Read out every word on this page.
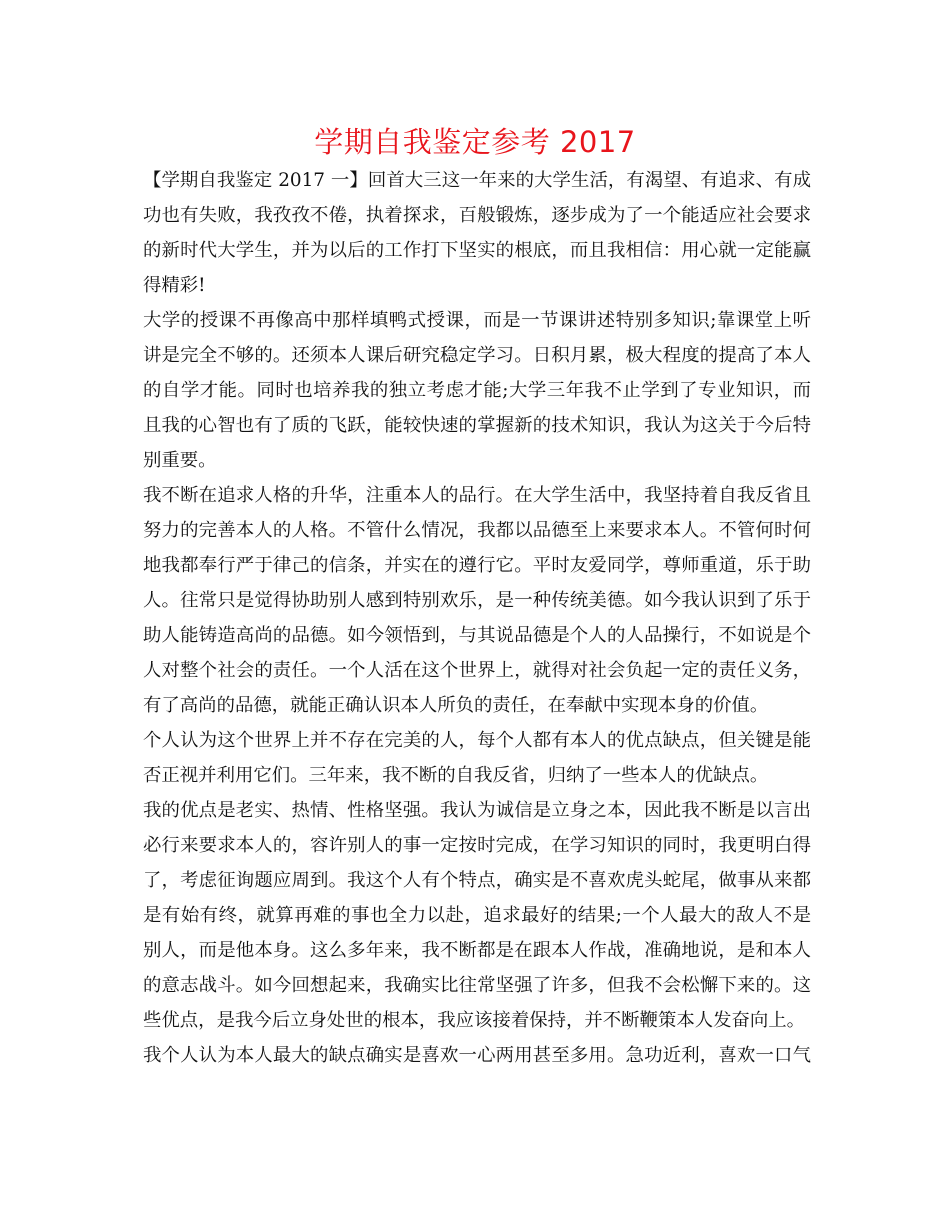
学期自我鉴定参考 2017
【学期自我鉴定 2017 一】回首大三这一年来的大学生活，有渴望、有追求、有成
功也有失败，我孜孜不倦，执着探求，百般锻炼，逐步成为了一个能适应社会要求
的新时代大学生，并为以后的工作打下坚实的根底，而且我相信：用心就一定能赢
得精彩!
大学的授课不再像高中那样填鸭式授课，而是一节课讲述特别多知识;靠课堂上听
讲是完全不够的。还须本人课后研究稳定学习。日积月累，极大程度的提高了本人
的自学才能。同时也培养我的独立考虑才能;大学三年我不止学到了专业知识，而
且我的心智也有了质的飞跃，能较快速的掌握新的技术知识，我认为这关于今后特
别重要。
我不断在追求人格的升华，注重本人的品行。在大学生活中，我坚持着自我反省且
努力的完善本人的人格。不管什么情况，我都以品德至上来要求本人。不管何时何
地我都奉行严于律己的信条，并实在的遵行它。平时友爱同学，尊师重道，乐于助
人。往常只是觉得协助别人感到特别欢乐，是一种传统美德。如今我认识到了乐于
助人能铸造高尚的品德。如今领悟到，与其说品德是个人的人品操行，不如说是个
人对整个社会的责任。一个人活在这个世界上，就得对社会负起一定的责任义务，
有了高尚的品德，就能正确认识本人所负的责任，在奉献中实现本身的价值。
个人认为这个世界上并不存在完美的人，每个人都有本人的优点缺点，但关键是能
否正视并利用它们。三年来，我不断的自我反省，归纳了一些本人的优缺点。
我的优点是老实、热情、性格坚强。我认为诚信是立身之本，因此我不断是以言出
必行来要求本人的，容许别人的事一定按时完成，在学习知识的同时，我更明白得
了，考虑征询题应周到。我这个人有个特点，确实是不喜欢虎头蛇尾，做事从来都
是有始有终，就算再难的事也全力以赴，追求最好的结果;一个人最大的敌人不是
别人，而是他本身。这么多年来，我不断都是在跟本人作战，准确地说，是和本人
的意志战斗。如今回想起来，我确实比往常坚强了许多，但我不会松懈下来的。这
些优点，是我今后立身处世的根本，我应该接着保持，并不断鞭策本人发奋向上。
我个人认为本人最大的缺点确实是喜欢一心两用甚至多用。急功近利，喜欢一口气
